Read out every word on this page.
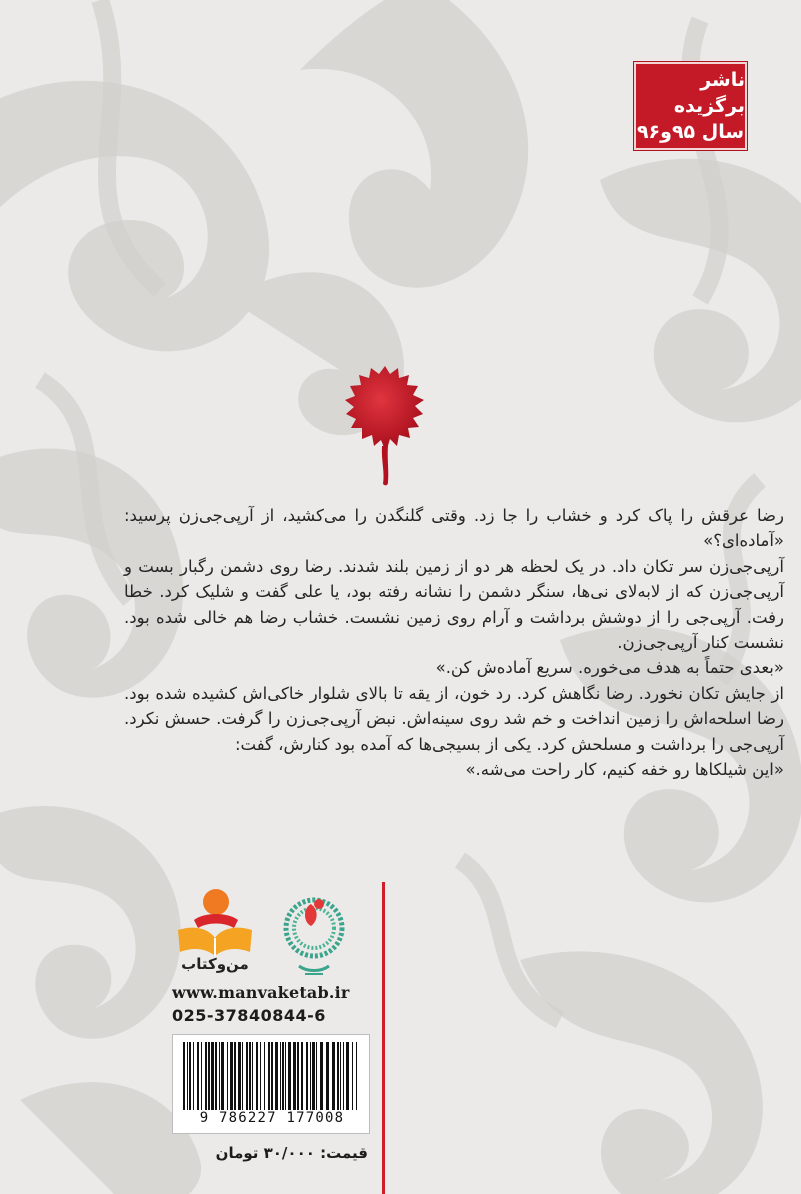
ناشر برگزیده
سال ۹۵و۹۶

رضا عرقش را پاک کرد و خشاب را جا زد. وقتی گلنگدن را می‌کشید، از آرپی‌جی‌زن پرسید: «آماده‌ای؟»

آرپی‌جی‌زن سر تکان داد. در یک لحظه هر دو از زمین بلند شدند. رضا روی دشمن رگبار بست و آرپی‌جی‌زن که از لابه‌لای نی‌ها، سنگر دشمن را نشانه رفته بود، یا علی گفت و شلیک کرد. خطا رفت. آرپی‌جی را از دوشش برداشت و آرام روی زمین نشست. خشاب رضا هم خالی شده بود. نشست کنار آرپی‌جی‌زن.

«بعدی حتماً به هدف می‌خوره. سریع آماده‌ش کن.»

از جایش تکان نخورد. رضا نگاهش کرد. رد خون، از یقه تا بالای شلوار خاکی‌اش کشیده شده بود. رضا اسلحه‌اش را زمین انداخت و خم شد روی سینه‌اش. نبض آرپی‌جی‌زن را گرفت. حسش نکرد. آرپی‌جی را برداشت و مسلحش کرد. یکی از بسیجی‌ها که آمده بود کنارش، گفت:

«این شیلکاها رو خفه کنیم، کار راحت می‌شه.»

من‌وکتاب
www.manvaketab.ir
025-37840844-6
9 786227 177008
قیمت: ۳۰/۰۰۰ تومان
